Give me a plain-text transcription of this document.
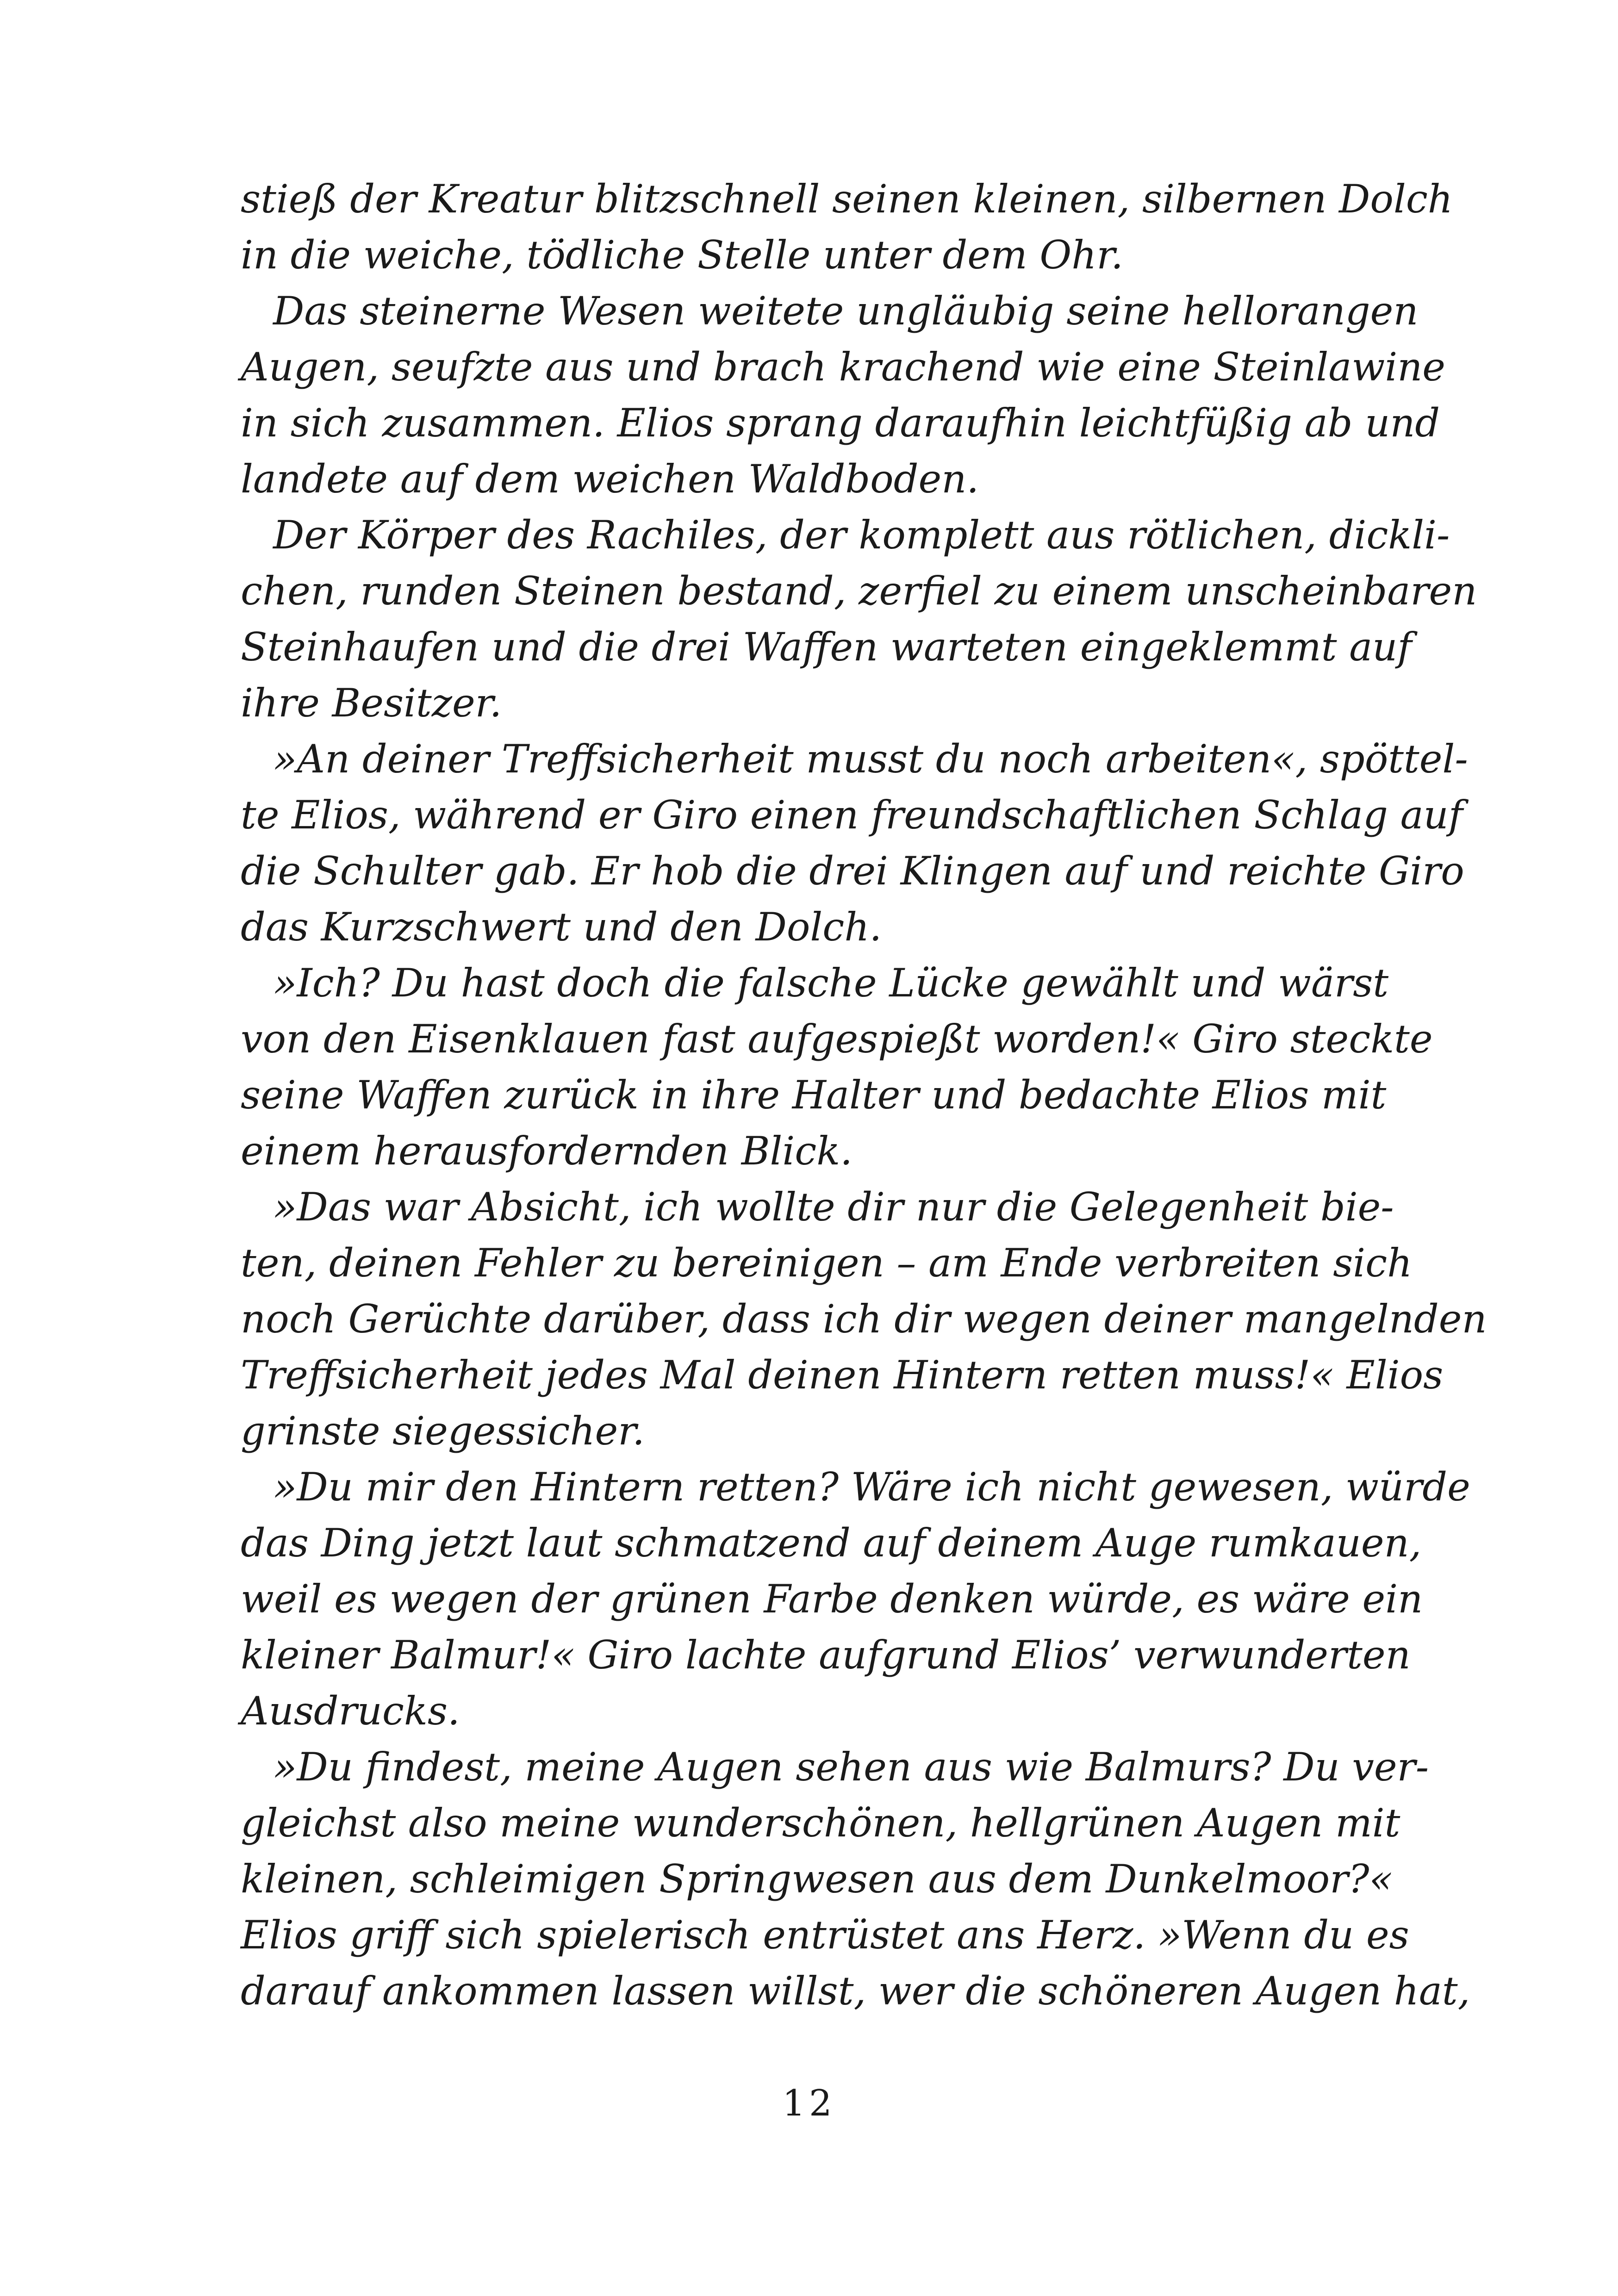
stieß der Kreatur blitzschnell seinen kleinen, silbernen Dolch
in die weiche, tödliche Stelle unter dem Ohr.
Das steinerne Wesen weitete ungläubig seine hellorangen
Augen, seufzte aus und brach krachend wie eine Steinlawine
in sich zusammen. Elios sprang daraufhin leichtfüßig ab und
landete auf dem weichen Waldboden.
Der Körper des Rachiles, der komplett aus rötlichen, dickli-
chen, runden Steinen bestand, zerfiel zu einem unscheinbaren
Steinhaufen und die drei Waffen warteten eingeklemmt auf
ihre Besitzer.
»An deiner Treffsicherheit musst du noch arbeiten«, spöttel-
te Elios, während er Giro einen freundschaftlichen Schlag auf
die Schulter gab. Er hob die drei Klingen auf und reichte Giro
das Kurzschwert und den Dolch.
»Ich? Du hast doch die falsche Lücke gewählt und wärst
von den Eisenklauen fast aufgespießt worden!« Giro steckte
seine Waffen zurück in ihre Halter und bedachte Elios mit
einem herausfordernden Blick.
»Das war Absicht, ich wollte dir nur die Gelegenheit bie-
ten, deinen Fehler zu bereinigen – am Ende verbreiten sich
noch Gerüchte darüber, dass ich dir wegen deiner mangelnden
Treffsicherheit jedes Mal deinen Hintern retten muss!« Elios
grinste siegessicher.
»Du mir den Hintern retten? Wäre ich nicht gewesen, würde
das Ding jetzt laut schmatzend auf deinem Auge rumkauen,
weil es wegen der grünen Farbe denken würde, es wäre ein
kleiner Balmur!« Giro lachte aufgrund Elios’ verwunderten
Ausdrucks.
»Du findest, meine Augen sehen aus wie Balmurs? Du ver-
gleichst also meine wunderschönen, hellgrünen Augen mit
kleinen, schleimigen Springwesen aus dem Dunkelmoor?«
Elios griff sich spielerisch entrüstet ans Herz. »Wenn du es
darauf ankommen lassen willst, wer die schöneren Augen hat,
12
